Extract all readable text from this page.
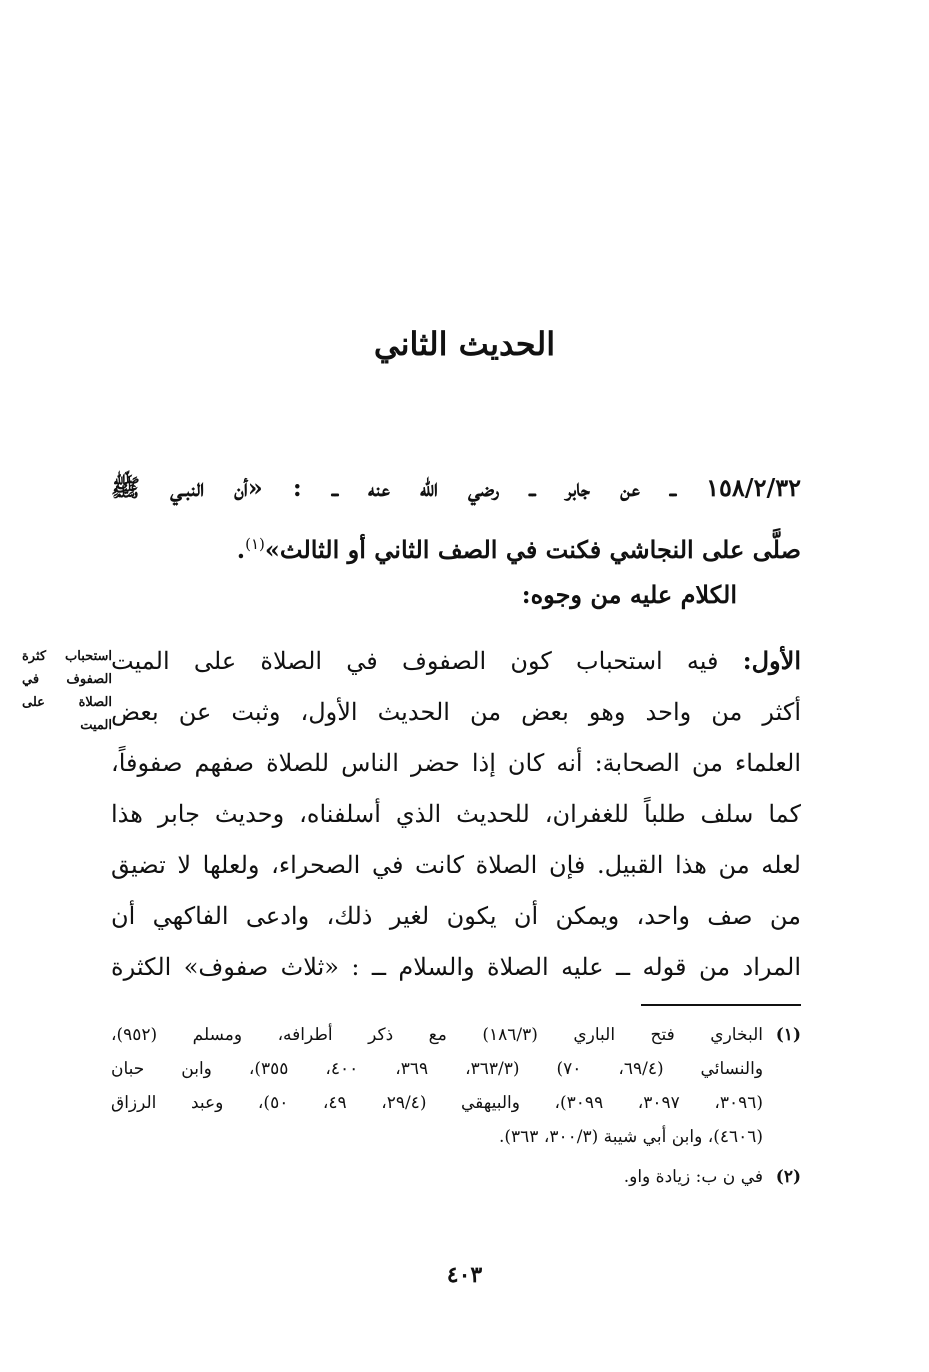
الحديث الثاني
١٥٨/٢/٣٢ ــ عن جابر ــ رضي الله عنه ــ : «أن النبـي ﷺ
صلَّى على النجاشي فكنت في الصف الثاني أو الثالث»$^{(١)}$.
الكلام عليه من وجوه:
استحباب كثرة الصفوف في الصلاة على الميت
الأول: فيه استحباب كون الصفوف في الصلاة على الميت
أكثر من واحد وهو بعض من الحديث الأول، وثبت عن بعض
العلماء من الصحابة: أنه كان إذا حضر الناس للصلاة صفهم صفوفاً،
كما سلف طلباً للغفران، للحديث الذي أسلفناه، وحديث جابر هذا
لعله من هذا القبيل. فإن الصلاة كانت في الصحراء، ولعلها لا تضيق
من صف واحد، ويمكن أن يكون لغير ذلك، وادعى الفاكهي أن
المراد من قوله ــ عليه الصلاة والسلام ــ : «ثلاث صفوف» الكثرة
(١)البخاري فتح الباري (١٨٦/٣) مع ذكر أطرافه، ومسلم (٩٥٢)،
والنسائي (٦٩/٤، ٧٠) (٣٦٣/٣، ٣٦٩، ٤٠٠، ٣٥٥)، وابن حبان
(٣٠٩٦، ٣٠٩٧، ٣٠٩٩)، والبيهقي (٢٩/٤، ٤٩، ٥٠)، وعبد الرزاق
(٤٦٠٦)، وابن أبي شيبة (٣٠٠/٣، ٣٦٣).
(٢)في ن ب: زيادة واو.
٤٠٣
